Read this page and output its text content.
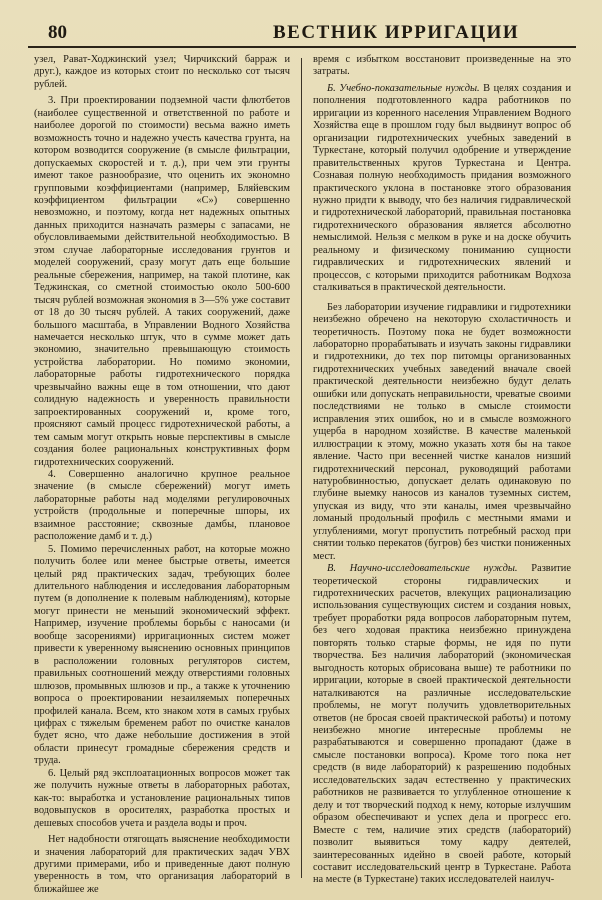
80	ВЕСТНИК ИРРИГАЦИИ

узел, Рават-Ходжинский узел; Чирчикский барраж и друг.), каждое из которых стоит по несколько сот тысяч рублей.

3. При проектировании подземной части флютбетов (наиболее существенной и ответственной по работе и наиболее дорогой по стоимости) весьма важно иметь возможность точно и надежно учесть качества грунта, на котором возводится сооружение (в смысле фильтрации, допускаемых скоростей и т. д.), при чем эти грунты имеют такое разнообразие, что оценить их экономно групповыми коэффициентами (например, Бляйевским коэффициентом фильтрации «С») совершенно невозможно, и поэтому, когда нет надежных опытных данных приходится назначать размеры с запасами, не обусловливаемыми действительной необходимостью. В этом случае лабораторные исследования грунтов и моделей сооружений, сразу могут дать еще большие реальные сбережения, например, на такой плотине, как Теджинская, со сметной стоимостью около 500-600 тысяч рублей возможная экономия в 3—5% уже составит от 18 до 30 тысяч рублей. А таких сооружений, даже большого масштаба, в Управлении Водного Хозяйства намечается несколько штук, что в сумме может дать экономию, значительно превышающую стоимость устройства лаборатории. Но помимо экономии, лабораторные работы гидротехнического порядка чрезвычайно важны еще в том отношении, что дают солидную надежность и уверенность правильности запроектированных сооружений и, кроме того, проясняют самый процесс гидротехнической работы, а тем самым могут открыть новые перспективы в смысле создания более рациональных конструктивных форм гидротехнических сооружений.

4. Совершенно аналогично крупное реальное значение (в смысле сбережений) могут иметь лабораторные работы над моделями регулировочных устройств (продольные и поперечные шпоры, их взаимное расстояние; сквозные дамбы, плановое расположение дамб и т. д.)

5. Помимо перечисленных работ, на которые можно получить более или менее быстрые ответы, имеется целый ряд практических задач, требующих более длительного наблюдения и исследования лабораторным путем (в дополнение к полевым наблюдениям), которые могут принести не меньший экономический эффект. Например, изучение проблемы борьбы с наносами (и вообще засорениями) ирригационных систем может привести к уверенному выяснению основных принципов в расположении головных регуляторов систем, правильных соотношений между отверстиями головных шлюзов, промывных шлюзов и пр., а также к уточнению вопроса о проектировании незаиляемых поперечных профилей канала. Всем, кто знаком хотя в самых грубых цифрах с тяжелым бременем работ по очистке каналов будет ясно, что даже небольшие достижения в этой области принесут громадные сбережения средств и труда.

6. Целый ряд эксплоатационных вопросов может так же получить нужные ответы в лабораторных работах, как-то: выработка и установление рациональных типов водовыпусков в оросителях, разработка простых и дешевых способов учета и раздела воды и проч.

Нет надобности отягощать выяснение необходимости и значения лабораторий для практических задач УВХ другими примерами, ибо и приведенные дают полную уверенность в том, что организация лабораторий в ближайшее же

время с избытком восстановит произведенные на это затраты.

Б. Учебно-показательные нужды. В целях создания и пополнения подготовленного кадра работников по ирригации из коренного населения Управлением Водного Хозяйства еще в прошлом году был выдвинут вопрос об организации гидротехнических учебных заведений в Туркестане, который получил одобрение и утверждение правительственных кругов Туркестана и Центра. Сознавая полную необходимость придания возможного практического уклона в постановке этого образования нужно придти к выводу, что без наличия гидравлической и гидротехнической лабораторий, правильная постановка гидротехнического образования является абсолютно немыслимой. Нельзя с мелком в руке и на доске обучить реальному и физическому пониманию сущности гидравлических и гидротехнических явлений и процессов, с которыми приходится работникам Водхоза сталкиваться в практической деятельности.

Без лаборатории изучение гидравлики и гидротехники неизбежно обречено на некоторую схоластичность и теоретичность. Поэтому пока не будет возможности лабораторно прорабатывать и изучать законы гидравлики и гидротехники, до тех пор питомцы организованных гидротехнических учебных заведений вначале своей практической деятельности неизбежно будут делать ошибки или допускать неправильности, чреватые своими последствиями не только в смысле стоимости исправления этих ошибок, но и в смысле возможного ущерба в народном хозяйстве. В качестве маленькой иллюстрации к этому, можно указать хотя бы на такое явление. Часто при весенней чистке каналов низший гидротехнический персонал, руководящий работами натуробвинностью, допускает делать одинаковую по глубине выемку наносов из каналов туземных систем, упуская из виду, что эти каналы, имея чрезвычайно ломаный продольный профиль с местными ямами и углублениями, могут пропустить потребный расход при снятии только перекатов (бугров) без чистки пониженных мест.

В. Научно-исследовательские нужды. Развитие теоретической стороны гидравлических и гидротехнических расчетов, влекущих рационализацию использования существующих систем и создания новых, требует проработки ряда вопросов лабораторным путем, без чего ходовая практика неизбежно принуждена повторять только старые формы, не идя по пути творчества. Без наличия лабораторий (экономическая выгодность которых обрисована выше) те работники по ирригации, которые в своей практической деятельности наталкиваются на различные исследовательские проблемы, не могут получить удовлетворительных ответов (не бросая своей практической работы) и потому неизбежно многие интересные проблемы не разрабатываются и совершенно пропадают (даже в смысле постановки вопроса). Кроме того пока нет средств (в виде лабораторий) к разрешению подобных исследовательских задач естественно у практических работников не развивается то углубленное отношение к делу и тот творческий подход к нему, которые излучшим образом обеспечивают и успех дела и прогресс его. Вместе с тем, наличие этих средств (лабораторий) позволит выявиться тому кадру деятелей, заинтересованных идейно в своей работе, который составит исследовательский центр в Туркестане. Работа на месте (в Туркестане) таких исследователей наилуч-
